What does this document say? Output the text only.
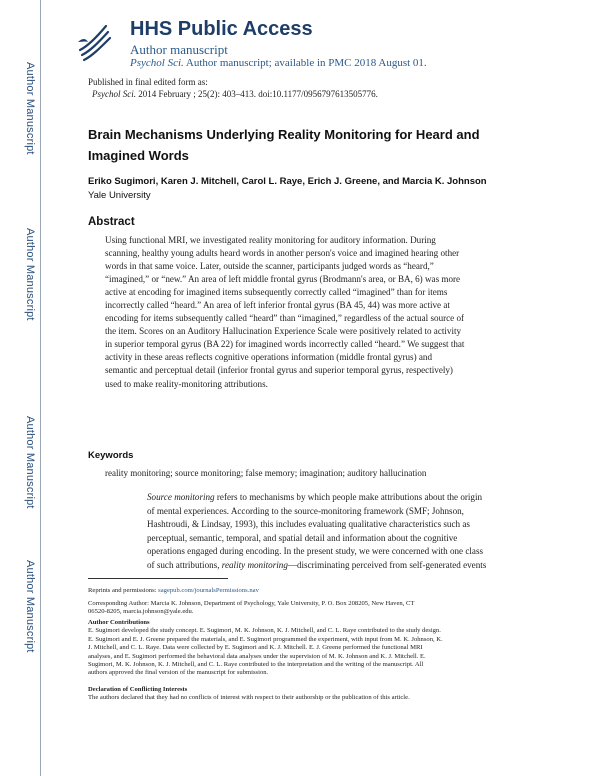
Author Manuscript
Author Manuscript
Author Manuscript
Author Manuscript
HHS Public Access
Author manuscript
Psychol Sci. Author manuscript; available in PMC 2018 August 01.
Published in final edited form as:
Psychol Sci. 2014 February ; 25(2): 403–413. doi:10.1177/0956797613505776.
Brain Mechanisms Underlying Reality Monitoring for Heard and
Imagined Words
Eriko Sugimori, Karen J. Mitchell, Carol L. Raye, Erich J. Greene, and Marcia K. Johnson
Yale University
Abstract
Using functional MRI, we investigated reality monitoring for auditory information. During
scanning, healthy young adults heard words in another person's voice and imagined hearing other
words in that same voice. Later, outside the scanner, participants judged words as “heard,”
“imagined,” or “new.” An area of left middle frontal gyrus (Brodmann's area, or BA, 6) was more
active at encoding for imagined items subsequently correctly called “imagined” than for items
incorrectly called “heard.” An area of left inferior frontal gyrus (BA 45, 44) was more active at
encoding for items subsequently called “heard” than “imagined,” regardless of the actual source of
the item. Scores on an Auditory Hallucination Experience Scale were positively related to activity
in superior temporal gyrus (BA 22) for imagined words incorrectly called “heard.” We suggest that
activity in these areas reflects cognitive operations information (middle frontal gyrus) and
semantic and perceptual detail (inferior frontal gyrus and superior temporal gyrus, respectively)
used to make reality-monitoring attributions.
Keywords
reality monitoring; source monitoring; false memory; imagination; auditory hallucination
Source monitoring refers to mechanisms by which people make attributions about the origin
of mental experiences. According to the source-monitoring framework (SMF; Johnson,
Hashtroudi, & Lindsay, 1993), this includes evaluating qualitative characteristics such as
perceptual, semantic, temporal, and spatial detail and information about the cognitive
operations engaged during encoding. In the present study, we were concerned with one class
of such attributions, reality monitoring—discriminating perceived from self-generated events
Reprints and permissions: sagepub.com/journalsPermissions.nav
Corresponding Author: Marcia K. Johnson, Department of Psychology, Yale University, P. O. Box 208205, New Haven, CT
06520-8205, marcia.johnson@yale.edu.
Author Contributions
E. Sugimori developed the study concept. E. Sugimori, M. K. Johnson, K. J. Mitchell, and C. L. Raye contributed to the study design.
E. Sugimori and E. J. Greene prepared the materials, and E. Sugimori programmed the experiment, with input from M. K. Johnson, K.
J. Mitchell, and C. L. Raye. Data were collected by E. Sugimori and K. J. Mitchell. E. J. Greene performed the functional MRI
analyses, and E. Sugimori performed the behavioral data analyses under the supervision of M. K. Johnson and K. J. Mitchell. E.
Sugimori, M. K. Johnson, K. J. Mitchell, and C. L. Raye contributed to the interpretation and the writing of the manuscript. All
authors approved the final version of the manuscript for submission.
Declaration of Conflicting Interests
The authors declared that they had no conflicts of interest with respect to their authorship or the publication of this article.
